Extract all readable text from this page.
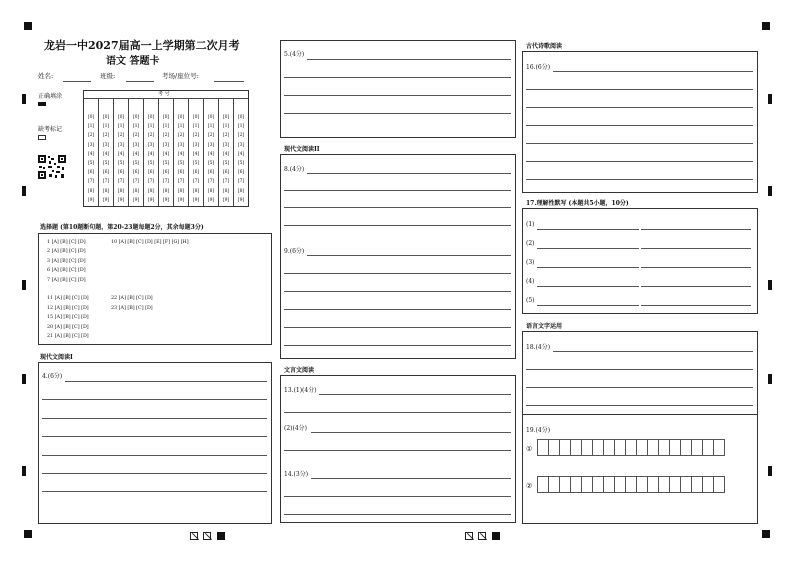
龙岩一中2027届高一上学期第二次月考
语文 答题卡
姓名:	班级:	考场/座位号:
正确填涂
缺考标记
考 号
[0]
[1]
[2]
[3]
[4]
[5]
[6]
[7]
[8]
[9]
[0]
[1]
[2]
[3]
[4]
[5]
[6]
[7]
[8]
[9]
[0]
[1]
[2]
[3]
[4]
[5]
[6]
[7]
[8]
[9]
[0]
[1]
[2]
[3]
[4]
[5]
[6]
[7]
[8]
[9]
[0]
[1]
[2]
[3]
[4]
[5]
[6]
[7]
[8]
[9]
[0]
[1]
[2]
[3]
[4]
[5]
[6]
[7]
[8]
[9]
[0]
[1]
[2]
[3]
[4]
[5]
[6]
[7]
[8]
[9]
[0]
[1]
[2]
[3]
[4]
[5]
[6]
[7]
[8]
[9]
[0]
[1]
[2]
[3]
[4]
[5]
[6]
[7]
[8]
[9]
[0]
[1]
[2]
[3]
[4]
[5]
[6]
[7]
[8]
[9]
[0]
[1]
[2]
[3]
[4]
[5]
[6]
[7]
[8]
[9]
选择题 (第10题断句题，第20-23题每题2分，其余每题3分)
1 [A] [B] [C] [D]
2 [A] [B] [C] [D]
3 [A] [B] [C] [D]
6 [A] [B] [C] [D]
7 [A] [B] [C] [D]
11 [A] [B] [C] [D]
12 [A] [B] [C] [D]
15 [A] [B] [C] [D]
20 [A] [B] [C] [D]
21 [A] [B] [C] [D]
10 [A] [B] [C] [D] [E] [F] [G] [H]
22 [A] [B] [C] [D]
23 [A] [B] [C] [D]
现代文阅读I
4.(6分)
5.(4分)
现代文阅读II
8.(4分)
9.(6分)
文言文阅读
13.(1)(4分)
(2)(4分)
14.(3分)
古代诗歌阅读
16.(6分)
17.理解性默写 (本题共5小题，10分)
(1)
(2)
(3)
(4)
(5)
语言文字运用
18.(4分)
19.(4分)
①
②
